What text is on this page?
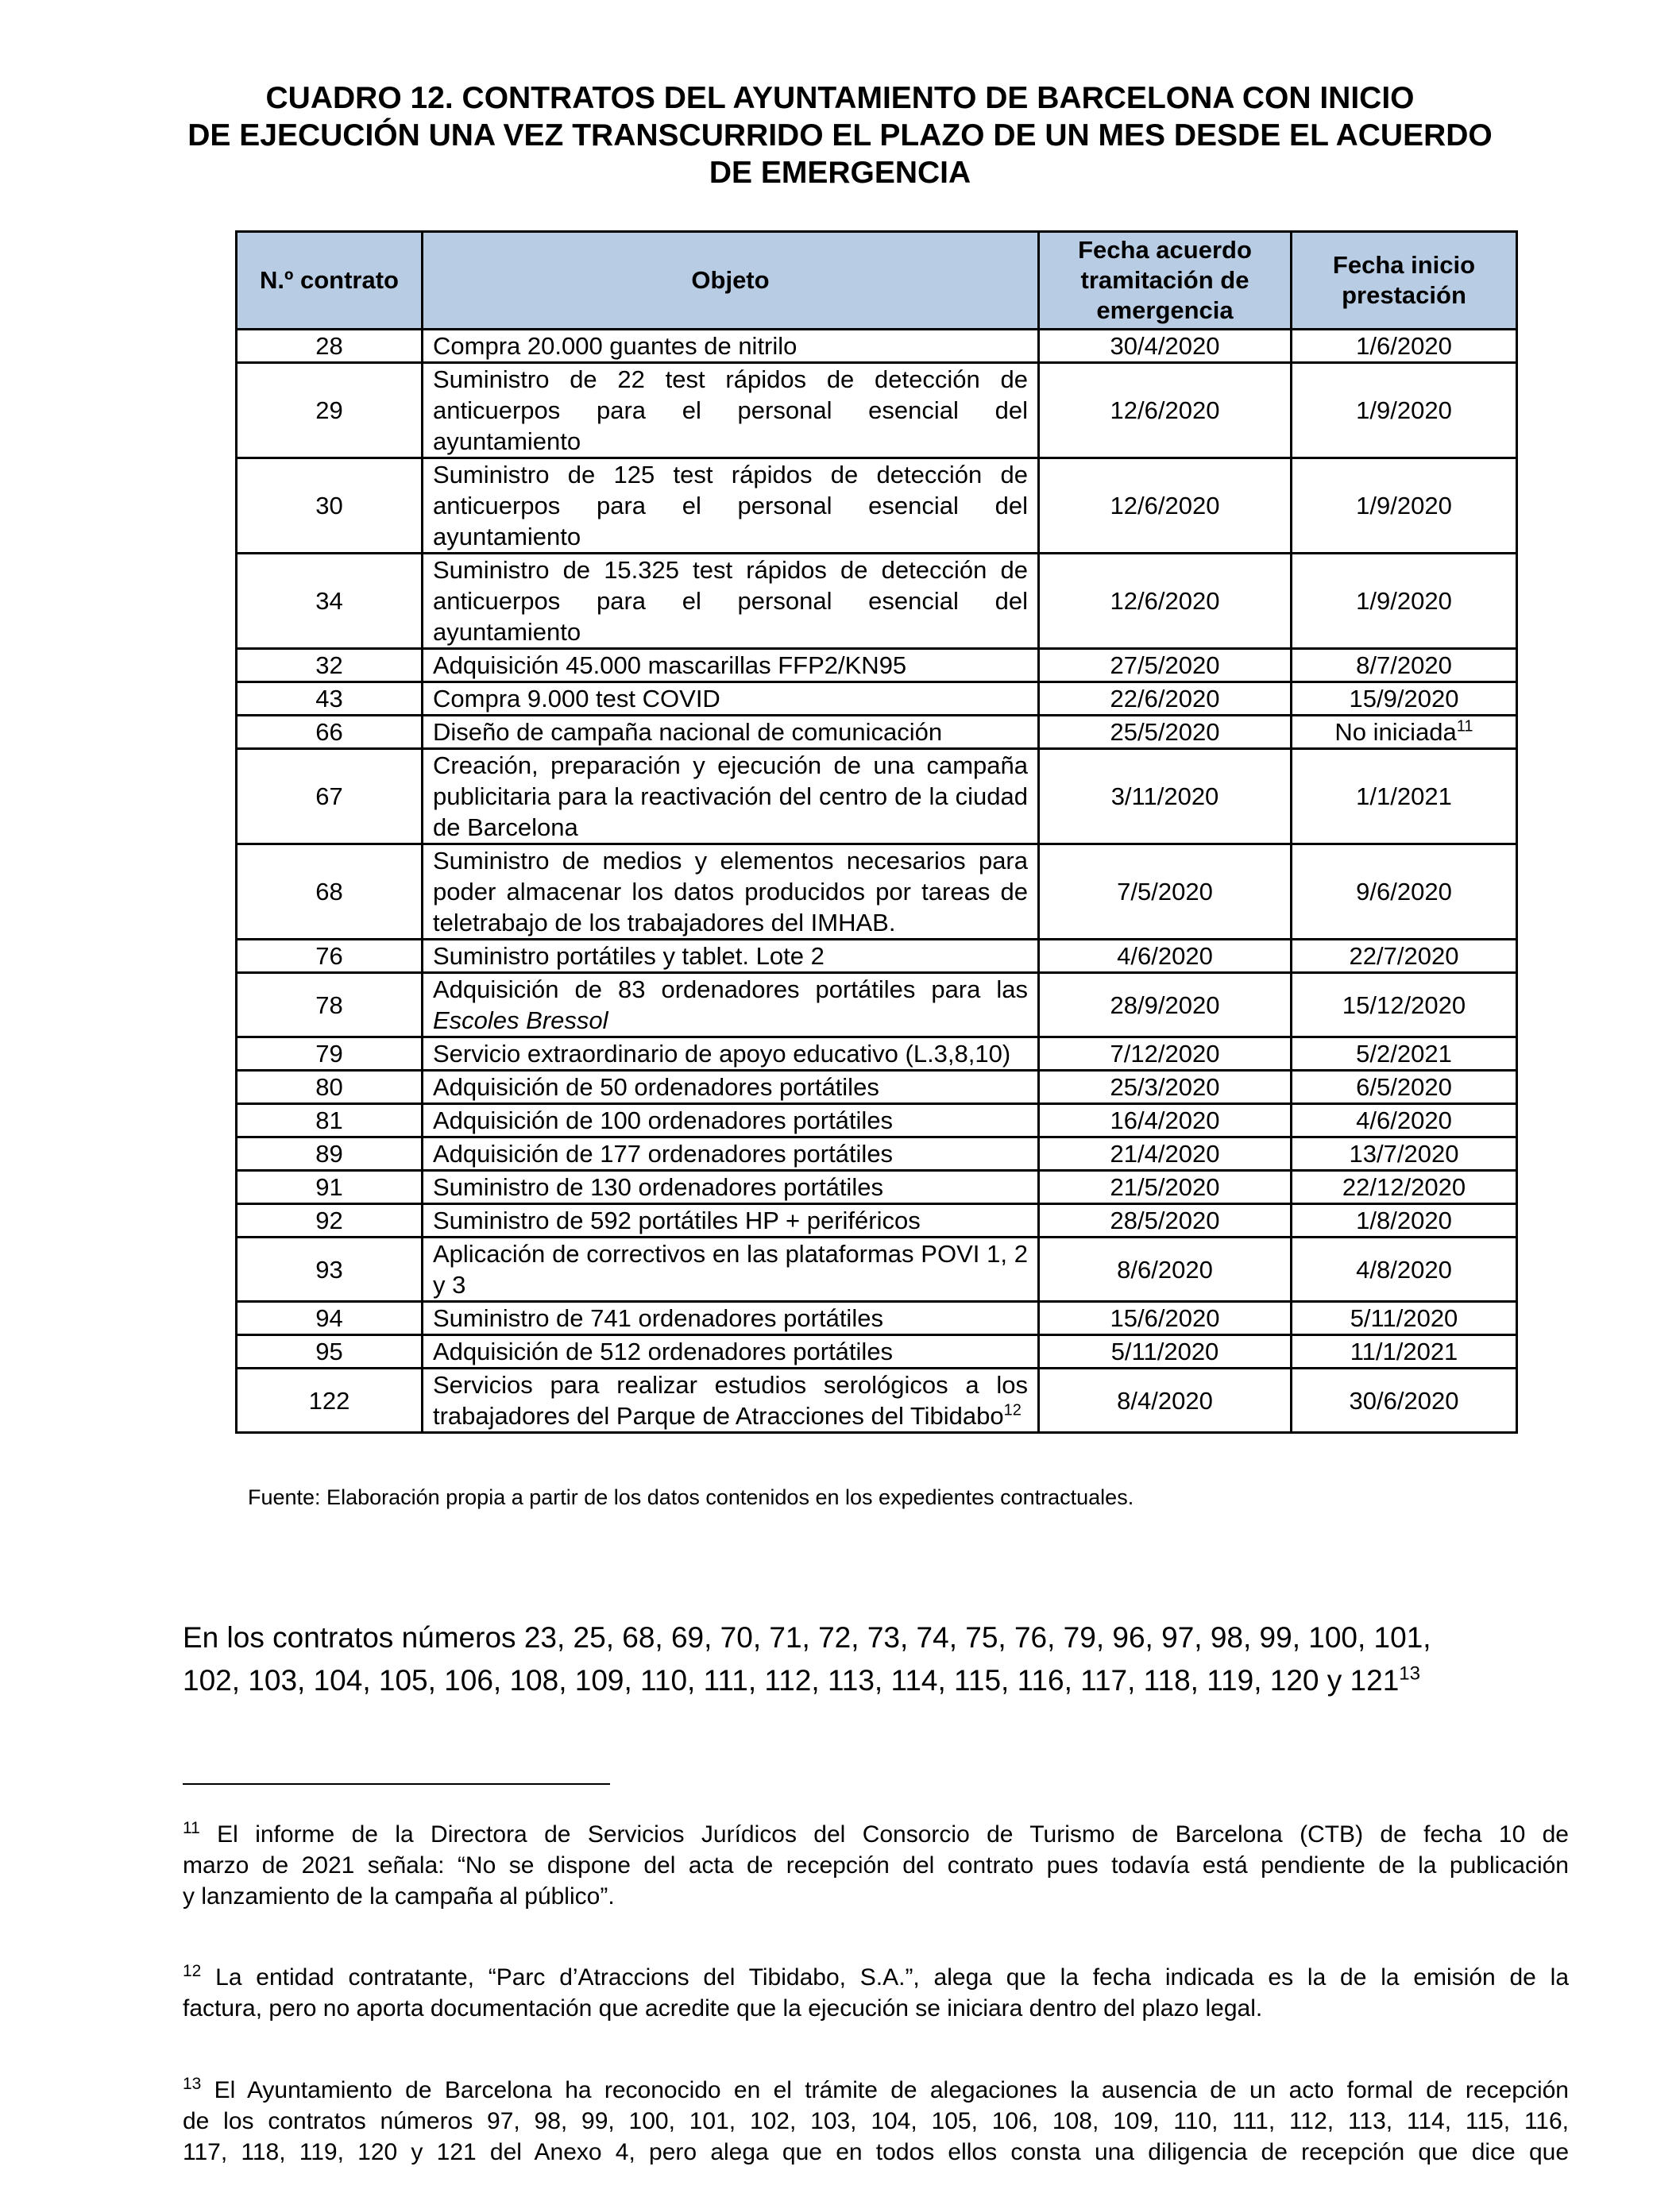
CUADRO 12. CONTRATOS DEL AYUNTAMIENTO DE BARCELONA CON INICIO
DE EJECUCIÓN UNA VEZ TRANSCURRIDO EL PLAZO DE UN MES DESDE EL ACUERDO
DE EMERGENCIA
N.º contrato	Objeto	Fecha acuerdo tramitación de emergencia	Fecha inicio prestación
28	Compra 20.000 guantes de nitrilo	30/4/2020	1/6/2020
29	Suministro de 22 test rápidos de detección de anticuerpos para el personal esencial del ayuntamiento	12/6/2020	1/9/2020
30	Suministro de 125 test rápidos de detección de anticuerpos para el personal esencial del ayuntamiento	12/6/2020	1/9/2020
34	Suministro de 15.325 test rápidos de detección de anticuerpos para el personal esencial del ayuntamiento	12/6/2020	1/9/2020
32	Adquisición 45.000 mascarillas FFP2/KN95	27/5/2020	8/7/2020
43	Compra 9.000 test COVID	22/6/2020	15/9/2020
66	Diseño de campaña nacional de comunicación	25/5/2020	No iniciada$^{11}$
67	Creación, preparación y ejecución de una campaña publicitaria para la reactivación del centro de la ciudad de Barcelona	3/11/2020	1/1/2021
68	Suministro de medios y elementos necesarios para poder almacenar los datos producidos por tareas de teletrabajo de los trabajadores del IMHAB.	7/5/2020	9/6/2020
76	Suministro portátiles y tablet. Lote 2	4/6/2020	22/7/2020
78	Adquisición de 83 ordenadores portátiles para las Escoles Bressol	28/9/2020	15/12/2020
79	Servicio extraordinario de apoyo educativo (L.3,8,10)	7/12/2020	5/2/2021
80	Adquisición de 50 ordenadores portátiles	25/3/2020	6/5/2020
81	Adquisición de 100 ordenadores portátiles	16/4/2020	4/6/2020
89	Adquisición de 177 ordenadores portátiles	21/4/2020	13/7/2020
91	Suministro de 130 ordenadores portátiles	21/5/2020	22/12/2020
92	Suministro de 592 portátiles HP + periféricos	28/5/2020	1/8/2020
93	Aplicación de correctivos en las plataformas POVI 1, 2 y 3	8/6/2020	4/8/2020
94	Suministro de 741 ordenadores portátiles	15/6/2020	5/11/2020
95	Adquisición de 512 ordenadores portátiles	5/11/2020	11/1/2021
122	Servicios para realizar estudios serológicos a los trabajadores del Parque de Atracciones del Tibidabo$^{12}$	8/4/2020	30/6/2020
Fuente: Elaboración propia a partir de los datos contenidos en los expedientes contractuales.
En los contratos números 23, 25, 68, 69, 70, 71, 72, 73, 74, 75, 76, 79, 96, 97, 98, 99, 100, 101,
102, 103, 104, 105, 106, 108, 109, 110, 111, 112, 113, 114, 115, 116, 117, 118, 119, 120 y $121^{13}$
$^{11}$ El informe de la Directora de Servicios Jurídicos del Consorcio de Turismo de Barcelona (CTB) de fecha 10 de
marzo de 2021 señala: “No se dispone del acta de recepción del contrato pues todavía está pendiente de la publicación
y lanzamiento de la campaña al público”.
$^{12}$ La entidad contratante, “Parc d’Atraccions del Tibidabo, S.A.”, alega que la fecha indicada es la de la emisión de la
factura, pero no aporta documentación que acredite que la ejecución se iniciara dentro del plazo legal.
$^{13}$ El Ayuntamiento de Barcelona ha reconocido en el trámite de alegaciones la ausencia de un acto formal de recepción
de los contratos números 97, 98, 99, 100, 101, 102, 103, 104, 105, 106, 108, 109, 110, 111, 112, 113, 114, 115, 116,
117, 118, 119, 120 y 121 del Anexo 4, pero alega que en todos ellos consta una diligencia de recepción que dice que
